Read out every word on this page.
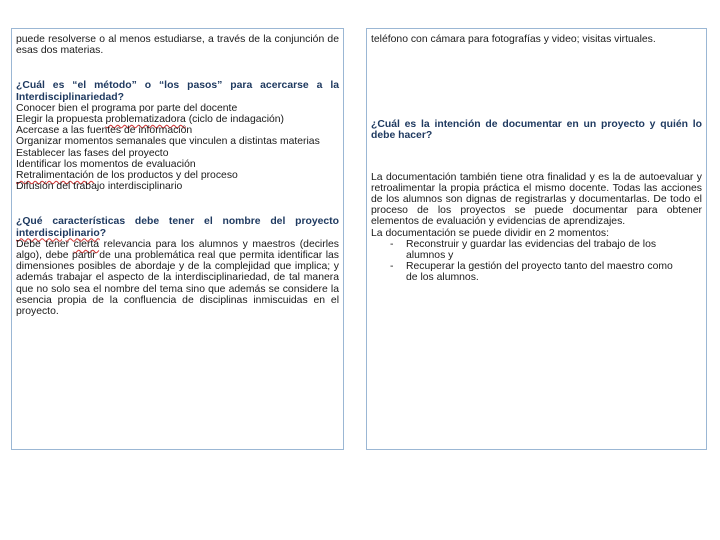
puede resolverse o al menos estudiarse, a través de la conjunción de esas dos materias.

¿Cuál es “el método” o “los pasos” para acercarse a la Interdisciplinariedad?

Conocer bien el programa por parte del docente

Elegir la propuesta problematizadora (ciclo de indagación)

Acercase a las fuentes de información

Organizar momentos semanales que vinculen a distintas materias

Establecer las fases del proyecto

Identificar los momentos de evaluación

Retralimentación de los productos y del proceso

Difusión del trabajo interdisciplinario

¿Qué características debe tener el nombre del proyecto interdisciplinario?

Debe tener cierta relevancia para los alumnos y maestros (decirles algo), debe partir de una problemática real que permita identificar las dimensiones posibles de abordaje y de la complejidad que implica; y además trabajar el aspecto de la interdisciplinariedad, de tal manera que no solo sea el nombre del tema sino que además se considere la esencia propia de la confluencia de disciplinas inmiscuidas en el proyecto.

teléfono con cámara para fotografías y video; visitas virtuales.

¿Cuál es la intención de documentar en un proyecto y quién lo debe hacer?

La documentación también tiene otra finalidad y es la de autoevaluar y retroalimentar la propia práctica el mismo docente. Todas las acciones de los alumnos son dignas de registrarlas y documentarlas. De todo el proceso de los proyectos se puede documentar para obtener elementos de evaluación y evidencias de aprendizajes.

La documentación se puede dividir en 2 momentos:

- Reconstruir y guardar las evidencias del trabajo de los alumnos y
- Recuperar la gestión del proyecto tanto del maestro como de los alumnos.
